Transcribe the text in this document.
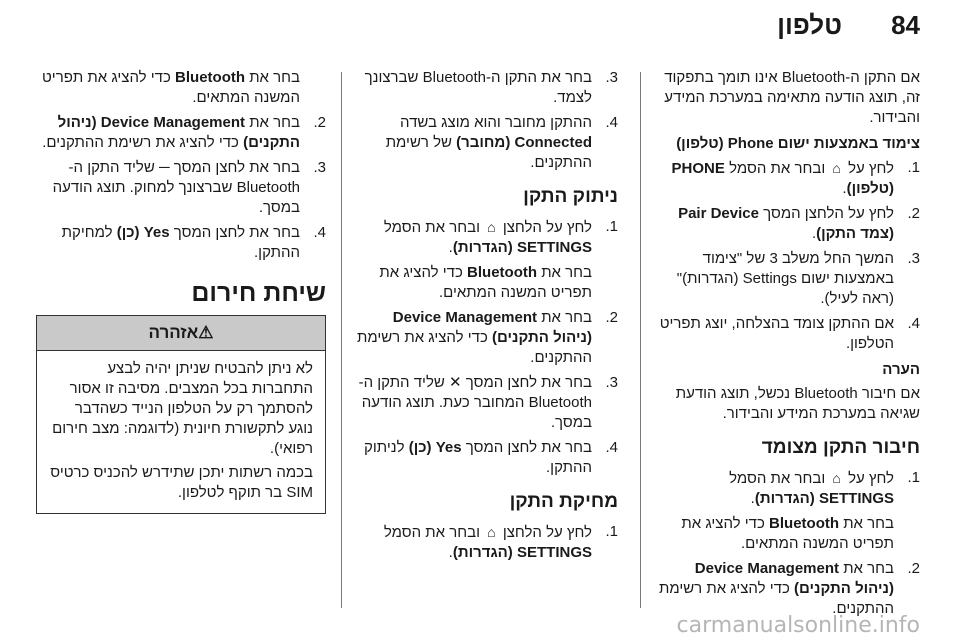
84
טלפון

אם התקן ה-Bluetooth אינו תומך בתפקוד זה, תוצג הודעה מתאימה במערכת המידע והבידור.

צימוד באמצעות ישום Phone (טלפון)
1.
לחץ על ⌂ ובחר את הסמל PHONE (טלפון).
2.
לחץ על הלחצן המסך Pair Device (צמד התקן).
3.
המשך החל משלב 3 של "צימוד באמצעות ישום Settings (הגדרות)" (ראה לעיל).
4.
אם ההתקן צומד בהצלחה, יוצג תפריט הטלפון.
הערה

אם חיבור Bluetooth נכשל, תוצג הודעת שגיאה במערכת המידע והבידור.

חיבור התקן מצומד
1.
לחץ על ⌂ ובחר את הסמל SETTINGS (הגדרות).
בחר את Bluetooth כדי להציג את תפריט המשנה המתאים.
2.
בחר את Device Management (ניהול התקנים) כדי להציג את רשימת ההתקנים.
3.
בחר את התקן ה-Bluetooth שברצונך לצמד.
4.
ההתקן מחובר והוא מוצג בשדה Connected (מחובר) של רשימת ההתקנים.
ניתוק התקן
1.
לחץ על הלחצן ⌂ ובחר את הסמל SETTINGS (הגדרות).
בחר את Bluetooth כדי להציג את תפריט המשנה המתאים.
2.
בחר את Device Management (ניהול התקנים) כדי להציג את רשימת ההתקנים.
3.
בחר את לחצן המסך ✕ שליד התקן ה-Bluetooth המחובר כעת. תוצג הודעה במסך.
4.
בחר את לחצן המסך Yes (כן) לניתוק ההתקן.
מחיקת התקן
1.
לחץ על הלחצן ⌂ ובחר את הסמל SETTINGS (הגדרות).
בחר את Bluetooth כדי להציג את תפריט המשנה המתאים.
2.
בחר את Device Management (ניהול התקנים) כדי להציג את רשימת ההתקנים.
3.
בחר את לחצן המסך ─ שליד התקן ה-Bluetooth שברצונך למחוק. תוצג הודעה במסך.
4.
בחר את לחצן המסך Yes (כן) למחיקת ההתקן.
שיחת חירום
⚠אזהרה

לא ניתן להבטיח שניתן יהיה לבצע התחברות בכל המצבים. מסיבה זו אסור להסתמך רק על הטלפון הנייד כשהדבר נוגע לתקשורת חיונית (לדוגמה: מצב חירום רפואי).

בכמה רשתות יתכן שתידרש להכניס כרטיס SIM בר תוקף לטלפון.

carmanualsonline.info
